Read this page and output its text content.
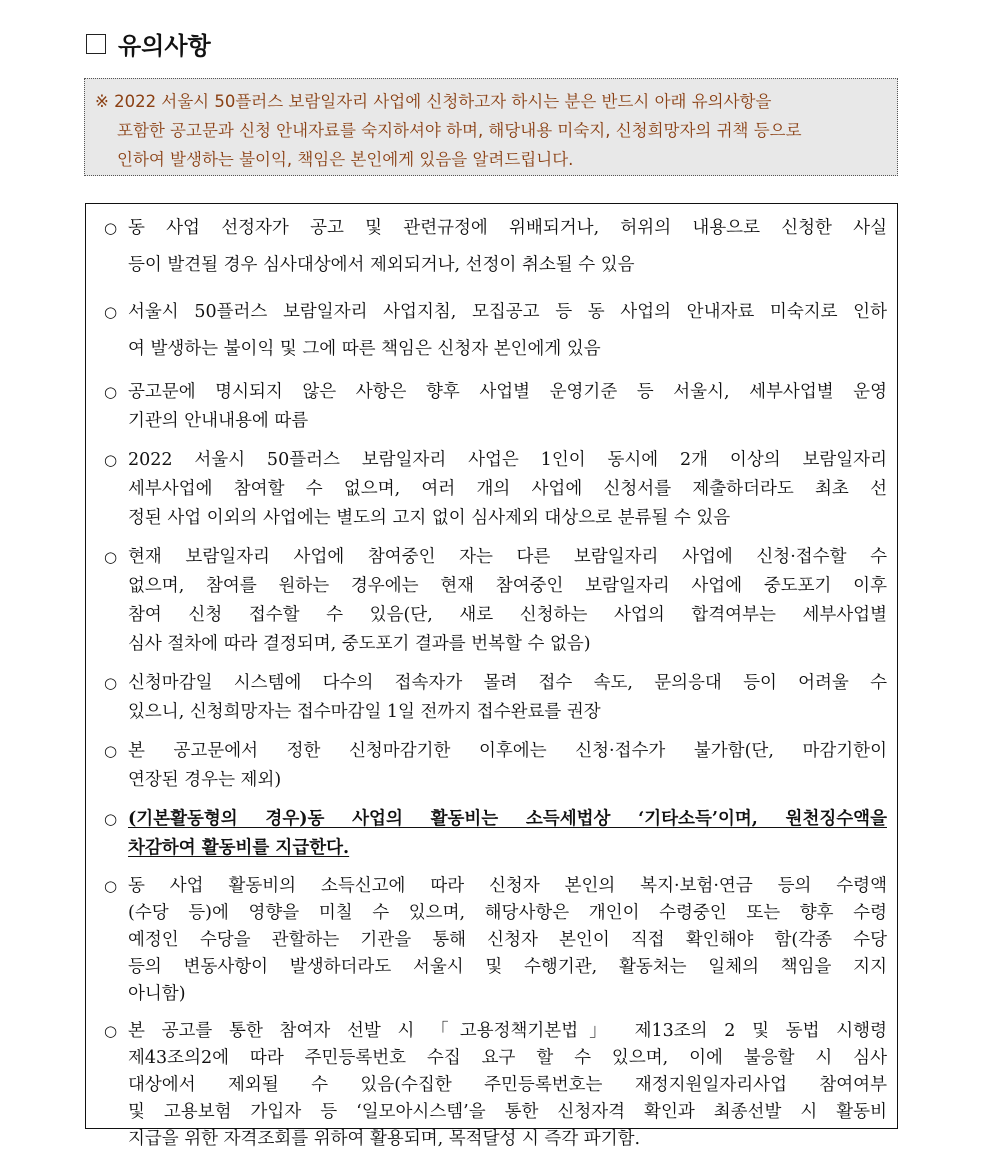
유의사항
※ 2022 서울시 50플러스 보람일자리 사업에 신청하고자 하시는 분은 반드시 아래 유의사항을
포함한 공고문과 신청 안내자료를 숙지하셔야 하며, 해당내용 미숙지, 신청희망자의 귀책 등으로
인하여 발생하는 불이익, 책임은 본인에게 있음을 알려드립니다.
○ 동 사업 선정자가 공고 및 관련규정에 위배되거나, 허위의 내용으로 신청한 사실
등이 발견될 경우 심사대상에서 제외되거나, 선정이 취소될 수 있음
○ 서울시 50플러스 보람일자리 사업지침, 모집공고 등 동 사업의 안내자료 미숙지로 인하
여 발생하는 불이익 및 그에 따른 책임은 신청자 본인에게 있음
○ 공고문에 명시되지 않은 사항은 향후 사업별 운영기준 등 서울시, 세부사업별 운영
기관의 안내내용에 따름
○ 2022 서울시 50플러스 보람일자리 사업은 1인이 동시에 2개 이상의 보람일자리
세부사업에 참여할 수 없으며, 여러 개의 사업에 신청서를 제출하더라도 최초 선
정된 사업 이외의 사업에는 별도의 고지 없이 심사제외 대상으로 분류될 수 있음
○ 현재 보람일자리 사업에 참여중인 자는 다른 보람일자리 사업에 신청·접수할 수
없으며, 참여를 원하는 경우에는 현재 참여중인 보람일자리 사업에 중도포기 이후
참여 신청 접수할 수 있음(단, 새로 신청하는 사업의 합격여부는 세부사업별
심사 절차에 따라 결정되며, 중도포기 결과를 번복할 수 없음)
○ 신청마감일 시스템에 다수의 접속자가 몰려 접수 속도, 문의응대 등이 어려울 수
있으니, 신청희망자는 접수마감일 1일 전까지 접수완료를 권장
○ 본 공고문에서 정한 신청마감기한 이후에는 신청·접수가 불가함(단, 마감기한이
연장된 경우는 제외)
○ (기본활동형의 경우)동 사업의 활동비는 소득세법상 ‘기타소득’이며, 원천징수액을
차감하여 활동비를 지급한다.
○ 동 사업 활동비의 소득신고에 따라 신청자 본인의 복지·보험·연금 등의 수령액
(수당 등)에 영향을 미칠 수 있으며, 해당사항은 개인이 수령중인 또는 향후 수령
예정인 수당을 관할하는 기관을 통해 신청자 본인이 직접 확인해야 함(각종 수당
등의 변동사항이 발생하더라도 서울시 및 수행기관, 활동처는 일체의 책임을 지지
아니함)
○ 본 공고를 통한 참여자 선발 시 「고용정책기본법」 제13조의 2 및 동법 시행령
제43조의2에 따라 주민등록번호 수집 요구 할 수 있으며, 이에 불응할 시 심사
대상에서 제외될 수 있음(수집한 주민등록번호는 재정지원일자리사업 참여여부
및 고용보험 가입자 등 ‘일모아시스템’을 통한 신청자격 확인과 최종선발 시 활동비
지급을 위한 자격조회를 위하여 활용되며, 목적달성 시 즉각 파기함.
